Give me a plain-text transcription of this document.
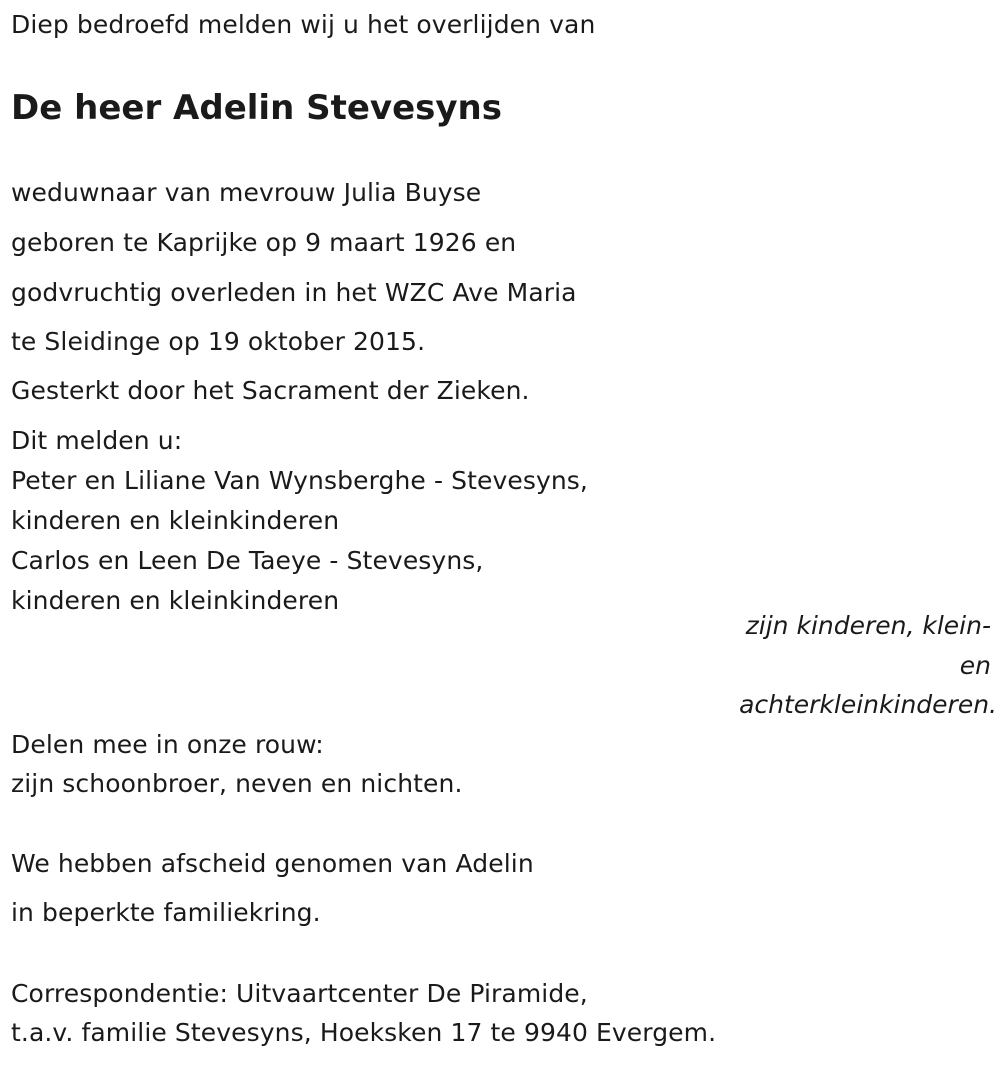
Diep bedroefd melden wij u het overlijden van

De heer Adelin Stevesyns

weduwnaar van mevrouw Julia Buyse

geboren te Kaprijke op 9 maart 1926 en

godvruchtig overleden in het WZC Ave Maria

te Sleidinge op 19 oktober 2015.

Gesterkt door het Sacrament der Zieken.

Dit melden u:

Peter en Liliane Van Wynsberghe - Stevesyns,

kinderen en kleinkinderen

Carlos en Leen De Taeye - Stevesyns,

kinderen en kleinkinderen

zijn kinderen, klein-

en

achterkleinkinderen.

Delen mee in onze rouw:

zijn schoonbroer, neven en nichten.

We hebben afscheid genomen van Adelin

in beperkte familiekring.

Correspondentie: Uitvaartcenter De Piramide,

t.a.v. familie Stevesyns, Hoeksken 17 te 9940 Evergem.
